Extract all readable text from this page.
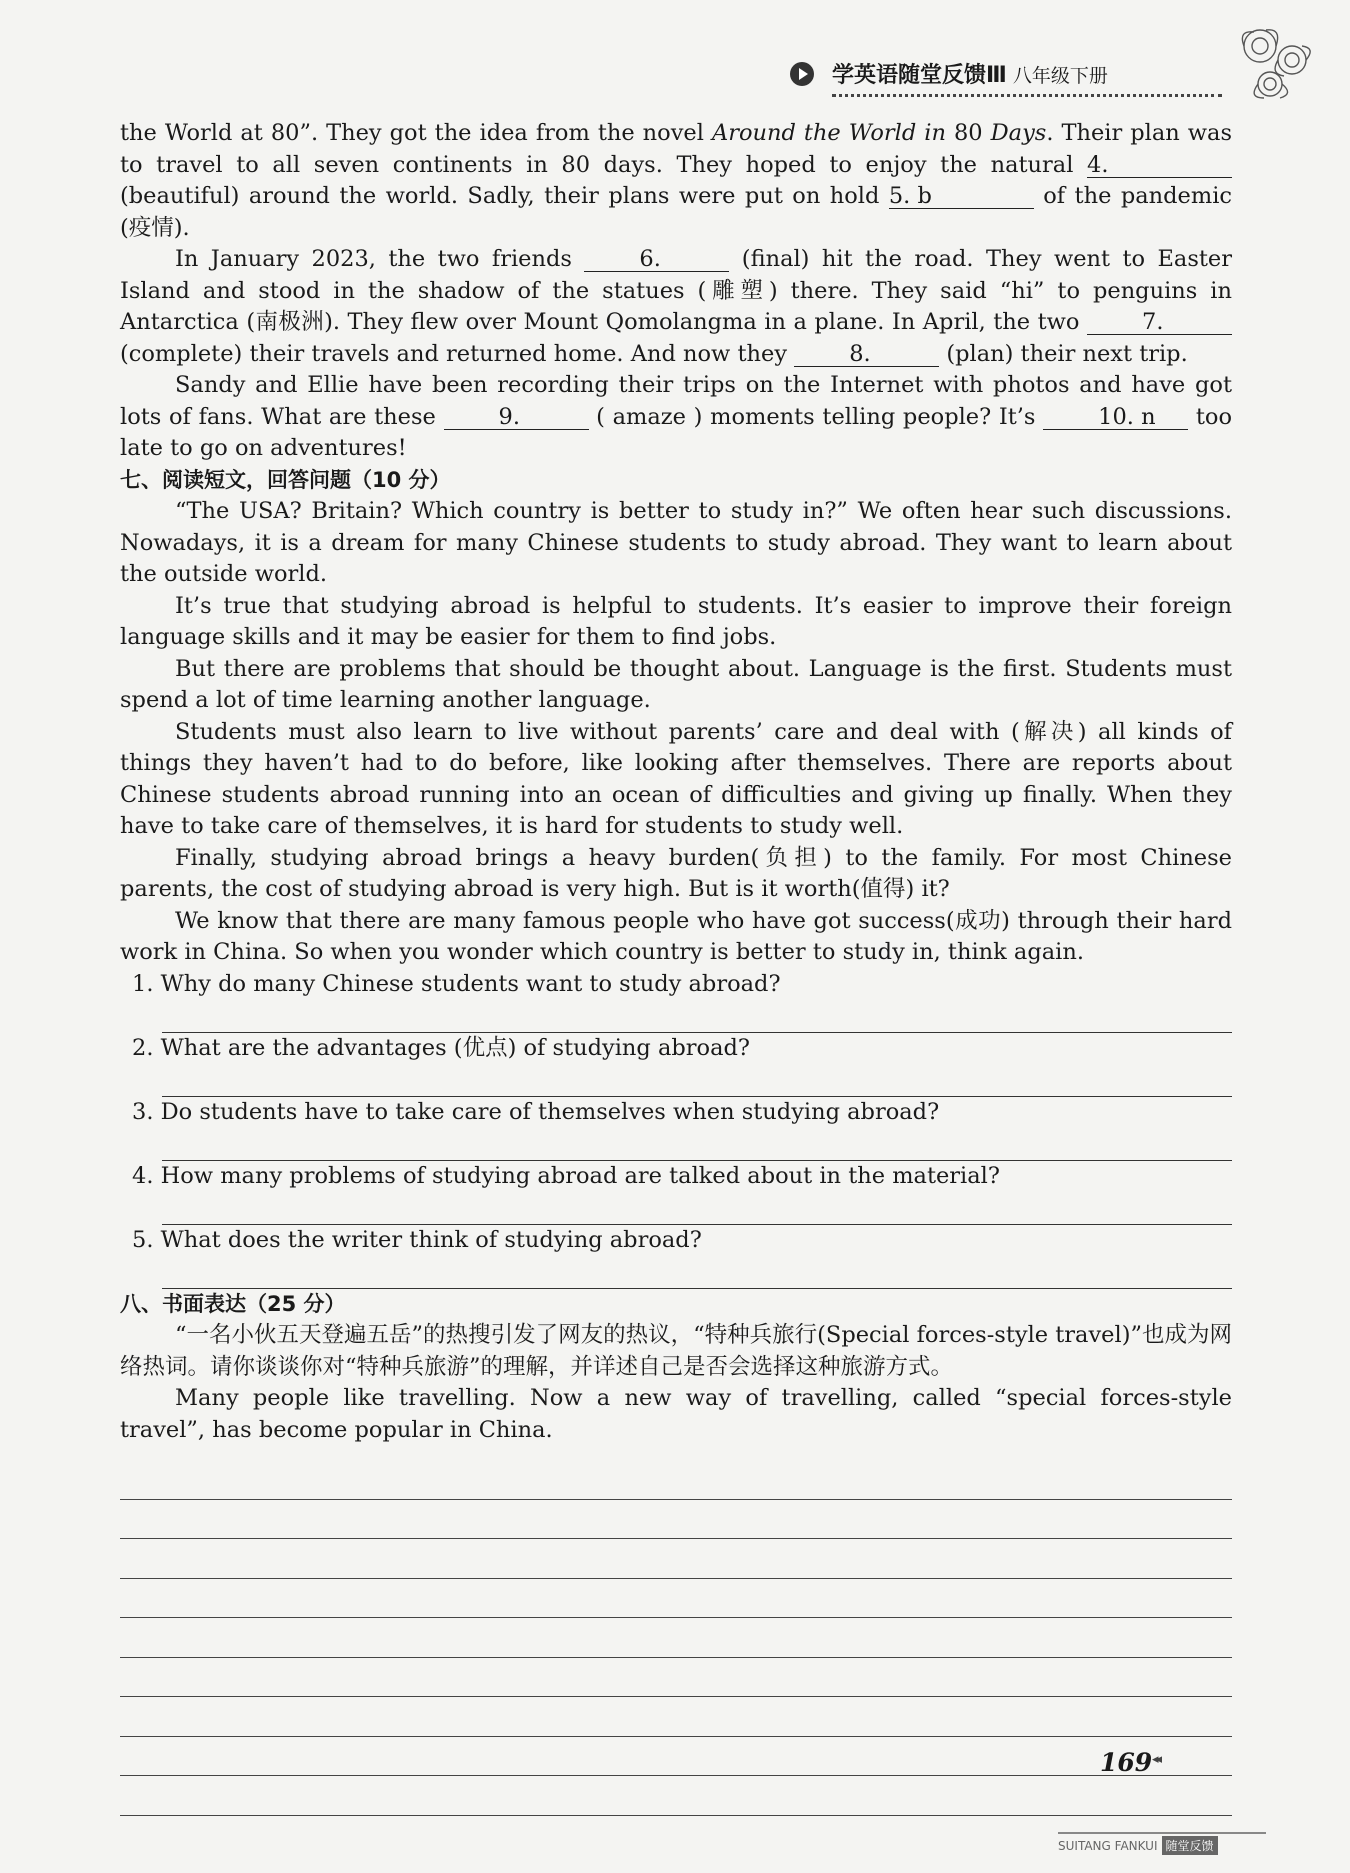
学英语随堂反馈Ⅲ 八年级下册

the World at 80”. They got the idea from the novel Around the World in 80 Days. Their plan was to travel to all seven continents in 80 days. They hoped to enjoy the natural 4. (beautiful) around the world. Sadly, their plans were put on hold 5. b	of the pandemic (疫情).

In January 2023, the two friends 6.	(final) hit the road. They went to Easter Island and stood in the shadow of the statues (雕塑) there. They said “hi” to penguins in Antarctica (南极洲). They flew over Mount Qomolangma in a plane. In April, the two 7. (complete) their travels and returned home. And now they 8.	(plan) their next trip.

Sandy and Ellie have been recording their trips on the Internet with photos and have got lots of fans. What are these 9.	( amaze ) moments telling people? It’s 10. n too late to go on adventures!

七、阅读短文，回答问题（10 分）

“The USA? Britain? Which country is better to study in?” We often hear such discussions. Nowadays, it is a dream for many Chinese students to study abroad. They want to learn about the outside world.

It’s true that studying abroad is helpful to students. It’s easier to improve their foreign language skills and it may be easier for them to find jobs.

But there are problems that should be thought about. Language is the first. Students must spend a lot of time learning another language.

Students must also learn to live without parents’ care and deal with (解决) all kinds of things they haven’t had to do before, like looking after themselves. There are reports about Chinese students abroad running into an ocean of difficulties and giving up finally. When they have to take care of themselves, it is hard for students to study well.

Finally, studying abroad brings a heavy burden(负担) to the family. For most Chinese parents, the cost of studying abroad is very high. But is it worth(值得) it?

We know that there are many famous people who have got success(成功) through their hard work in China. So when you wonder which country is better to study in, think again.

1. Why do many Chinese students want to study abroad?

2. What are the advantages (优点) of studying abroad?

3. Do students have to take care of themselves when studying abroad?

4. How many problems of studying abroad are talked about in the material?

5. What does the writer think of studying abroad?

八、书面表达（25 分）

“一名小伙五天登遍五岳”的热搜引发了网友的热议，“特种兵旅行(Special forces-style travel)”也成为网络热词。请你谈谈你对“特种兵旅游”的理解，并详述自己是否会选择这种旅游方式。

Many people like travelling. Now a new way of travelling, called “special forces-style travel”, has become popular in China.

169 ◂◂
SUITANG FANKUI 随堂反馈
